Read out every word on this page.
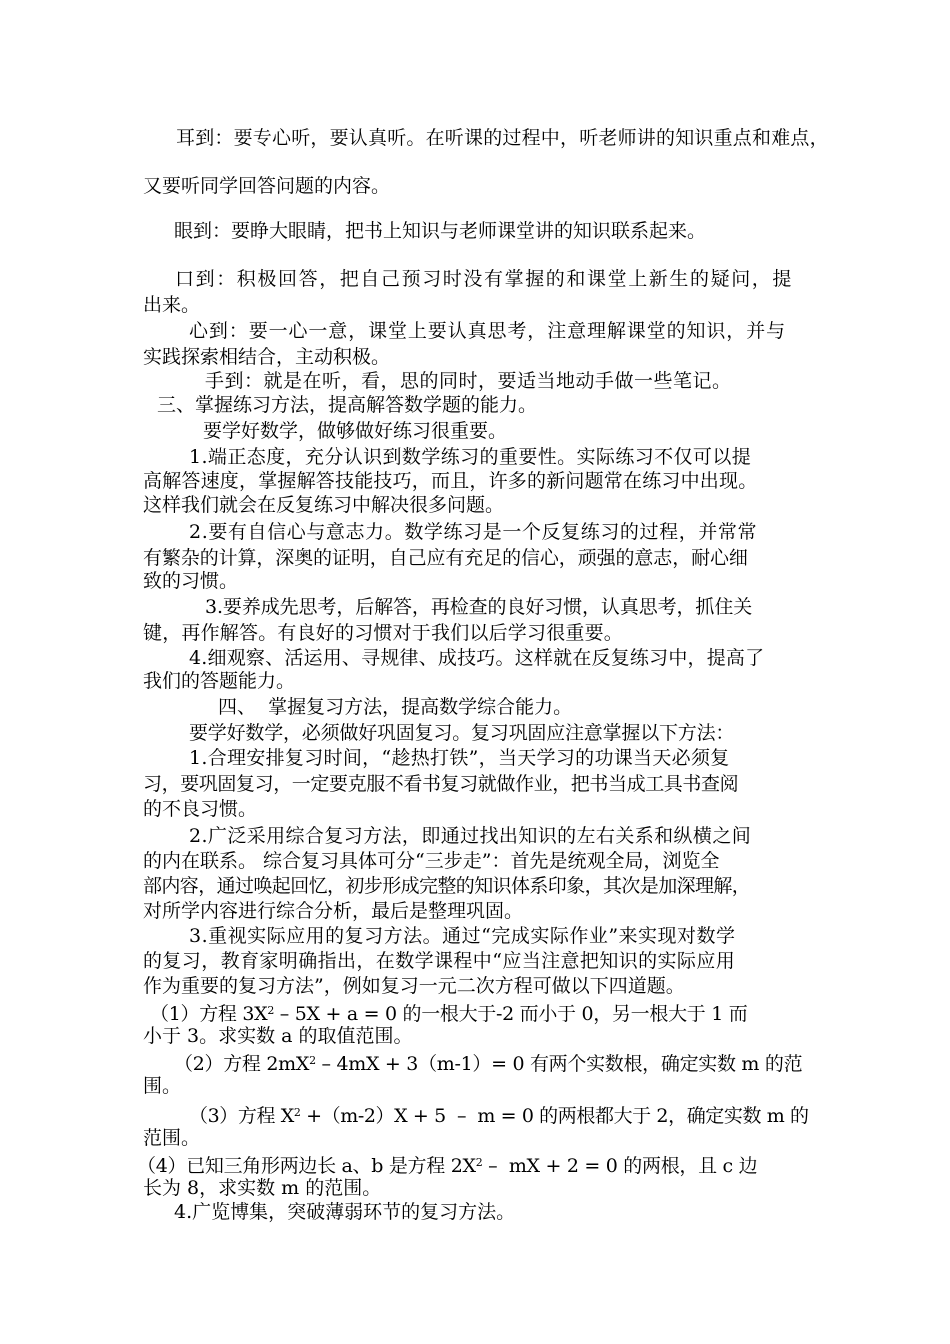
耳到：要专心听，要认真听。在听课的过程中，听老师讲的知识重点和难点，

又要听同学回答问题的内容。

眼到：要睁大眼睛，把书上知识与老师课堂讲的知识联系起来。

口到：积极回答，把自己预习时没有掌握的和课堂上新生的疑问，提

出来。

心到：要一心一意，课堂上要认真思考，注意理解课堂的知识，并与

实践探索相结合，主动积极。

手到：就是在听，看，思的同时，要适当地动手做一些笔记。

三、掌握练习方法，提高解答数学题的能力。

要学好数学，做够做好练习很重要。

1.端正态度，充分认识到数学练习的重要性。实际练习不仅可以提

高解答速度，掌握解答技能技巧，而且，许多的新问题常在练习中出现。

这样我们就会在反复练习中解决很多问题。

2.要有自信心与意志力。数学练习是一个反复练习的过程，并常常

有繁杂的计算，深奥的证明，自己应有充足的信心，顽强的意志，耐心细

致的习惯。

3.要养成先思考，后解答，再检查的良好习惯，认真思考，抓住关

键，再作解答。有良好的习惯对于我们以后学习很重要。

4.细观察、活运用、寻规律、成技巧。这样就在反复练习中，提高了

我们的答题能力。

四、  掌握复习方法，提高数学综合能力。

要学好数学，必须做好巩固复习。复习巩固应注意掌握以下方法：

1.合理安排复习时间，“趁热打铁”，当天学习的功课当天必须复

习，要巩固复习，一定要克服不看书复习就做作业，把书当成工具书查阅

的不良习惯。

2.广泛采用综合复习方法，即通过找出知识的左右关系和纵横之间

的内在联系。 综合复习具体可分“三步走”：首先是统观全局，浏览全

部内容，通过唤起回忆，初步形成完整的知识体系印象，其次是加深理解，

对所学内容进行综合分析，最后是整理巩固。

3.重视实际应用的复习方法。通过“完成实际作业”来实现对数学

的复习，教育家明确指出，在数学课程中“应当注意把知识的实际应用

作为重要的复习方法”，例如复习一元二次方程可做以下四道题。

（1）方程 $3X^2 - 5X + a = 0$ 的一根大于-2 而小于 0，另一根大于 1 而

小于 3。求实数 a 的取值范围。

（2）方程 $2mX^2 - 4mX + 3(m-1)= 0$ 有两个实数根，确定实数 m 的范

围。

（3）方程 $X^2 +(m-2)X + 5 - m = 0$ 的两根都大于 2，确定实数 m 的

范围。

（4）已知三角形两边长 a、b 是方程 $2X^2$ –  mX + 2 = 0 的两根，且 c 边

长为 8，求实数 m 的范围。

4.广览博集，突破薄弱环节的复习方法。
